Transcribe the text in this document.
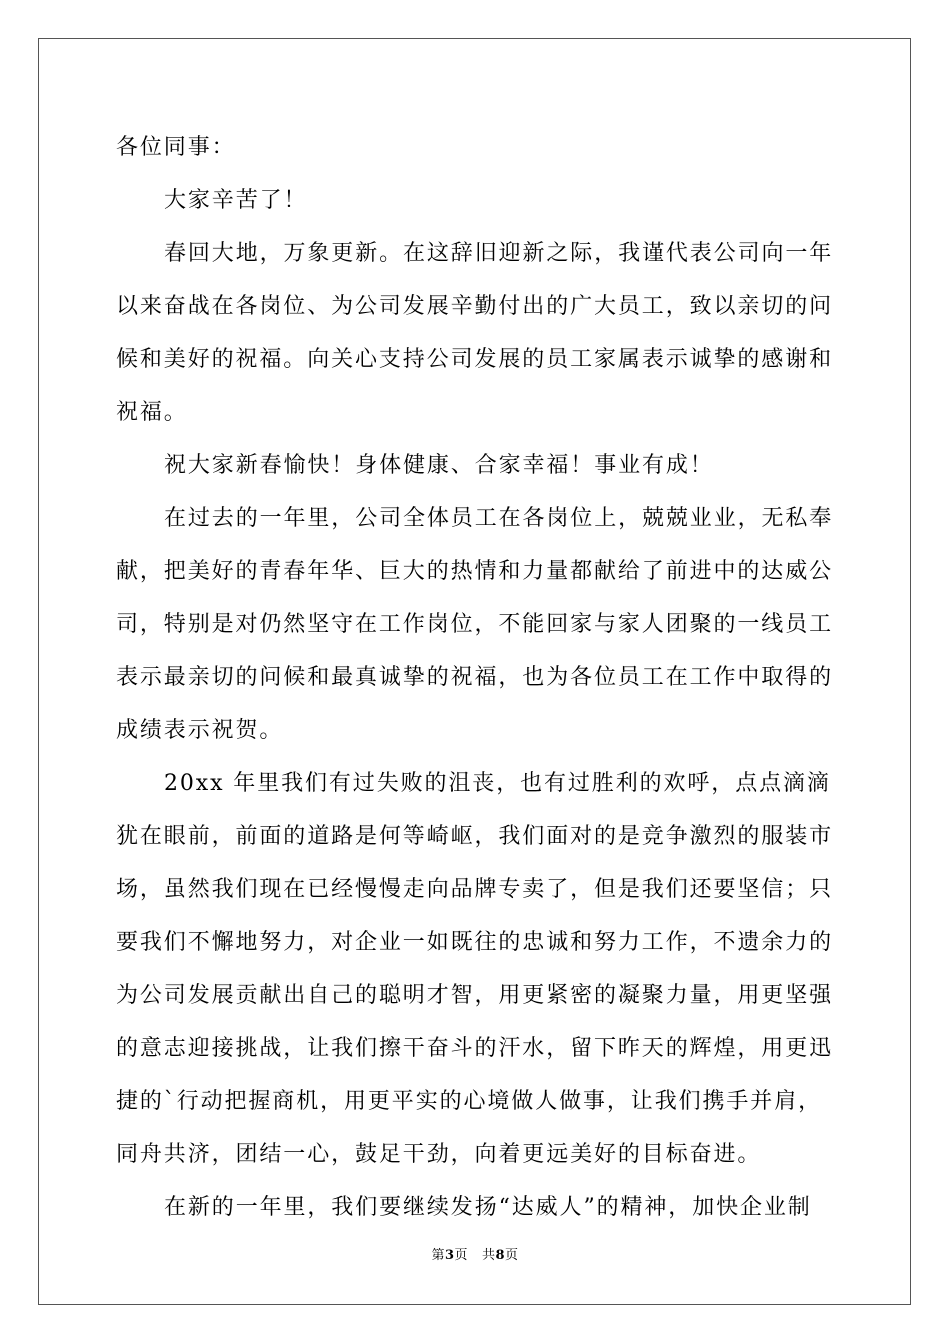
各位同事：
大家辛苦了！
春回大地，万象更新。在这辞旧迎新之际，我谨代表公司向一年
以来奋战在各岗位、为公司发展辛勤付出的广大员工，致以亲切的问
候和美好的祝福。向关心支持公司发展的员工家属表示诚挚的感谢和
祝福。
祝大家新春愉快！身体健康、合家幸福！事业有成！
在过去的一年里，公司全体员工在各岗位上，兢兢业业，无私奉
献，把美好的青春年华、巨大的热情和力量都献给了前进中的达威公
司，特别是对仍然坚守在工作岗位，不能回家与家人团聚的一线员工
表示最亲切的问候和最真诚挚的祝福，也为各位员工在工作中取得的
成绩表示祝贺。
20xx 年里我们有过失败的沮丧，也有过胜利的欢呼，点点滴滴
犹在眼前，前面的道路是何等崎岖，我们面对的是竞争激烈的服装市
场，虽然我们现在已经慢慢走向品牌专卖了，但是我们还要坚信；只
要我们不懈地努力，对企业一如既往的忠诚和努力工作，不遗余力的
为公司发展贡献出自己的聪明才智，用更紧密的凝聚力量，用更坚强
的意志迎接挑战，让我们擦干奋斗的汗水，留下昨天的辉煌，用更迅
捷的`行动把握商机，用更平实的心境做人做事，让我们携手并肩，
同舟共济，团结一心，鼓足干劲，向着更远美好的目标奋进。
在新的一年里，我们要继续发扬“达威人”的精神，加快企业制
第3页 共8页
